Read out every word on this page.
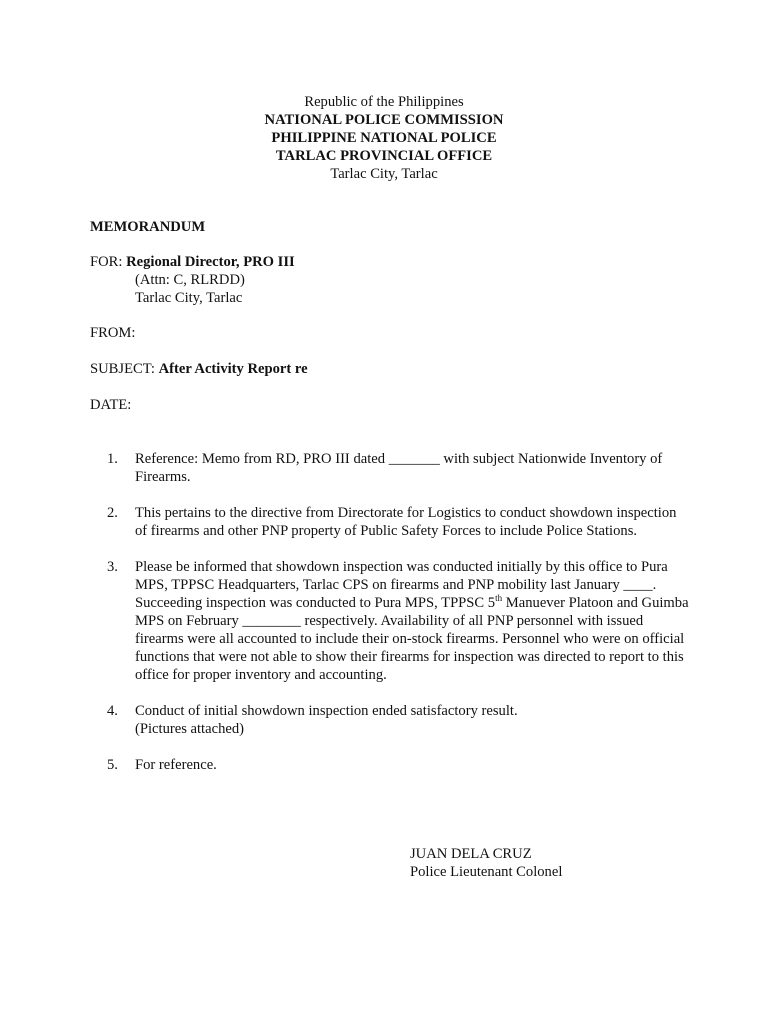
Republic of the Philippines
NATIONAL POLICE COMMISSION
PHILIPPINE NATIONAL POLICE
TARLAC PROVINCIAL OFFICE
Tarlac City, Tarlac
MEMORANDUM
FOR: Regional Director, PRO III
(Attn: C, RLRDD)
Tarlac City, Tarlac
FROM:
SUBJECT: After Activity Report re
DATE:
1.	Reference: Memo from RD, PRO III dated _______ with subject Nationwide Inventory of Firearms.
2.	This pertains to the directive from Directorate for Logistics to conduct showdown inspection of firearms and other PNP property of Public Safety Forces to include Police Stations.
3.	Please be informed that showdown inspection was conducted initially by this office to Pura MPS, TPPSC Headquarters, Tarlac CPS on firearms and PNP mobility last January ____. Succeeding inspection was conducted to Pura MPS, TPPSC 5th Manuever Platoon and Guimba MPS on February ________ respectively. Availability of all PNP personnel with issued firearms were all accounted to include their on-stock firearms. Personnel who were on official functions that were not able to show their firearms for inspection was directed to report to this office for proper inventory and accounting.
4.	Conduct of initial showdown inspection ended satisfactory result.
(Pictures attached)
5.	For reference.
JUAN DELA CRUZ
Police Lieutenant Colonel
